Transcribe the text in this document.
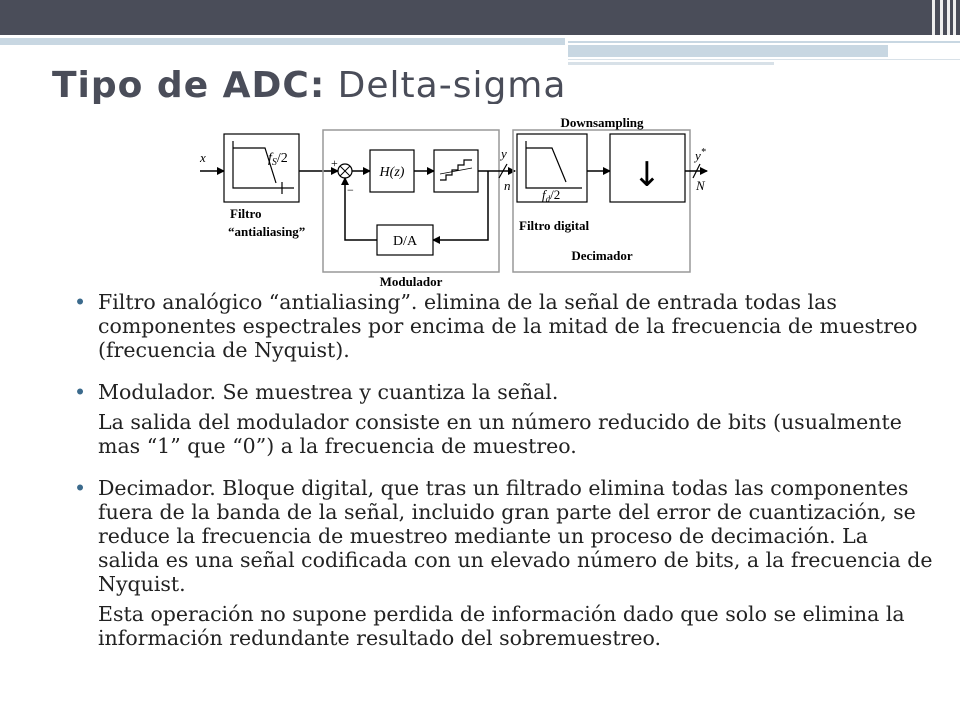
Tipo de ADC: Delta-sigma
x	$f_S/2$
Filtro
“antialiasing”
+
−
H(z)
D/A
Modulador
y
n
Downsampling
$f_d/2$
Filtro digital
↓
Decimador
y*
N
• Filtro analógico “antialiasing”. elimina de la señal de entrada todas las componentes espectrales por encima de la mitad de la frecuencia de muestreo (frecuencia de Nyquist).

• Modulador. Se muestrea y cuantiza la señal.

La salida del modulador consiste en un número reducido de bits (usualmente mas “1” que “0”) a la frecuencia de muestreo.

• Decimador. Bloque digital, que tras un filtrado elimina todas las componentes fuera de la banda de la señal, incluido gran parte del error de cuantización, se reduce la frecuencia de muestreo mediante un proceso de decimación. La salida es una señal codificada con un elevado número de bits, a la frecuencia de Nyquist.

Esta operación no supone perdida de información dado que solo se elimina la información redundante resultado del sobremuestreo.
